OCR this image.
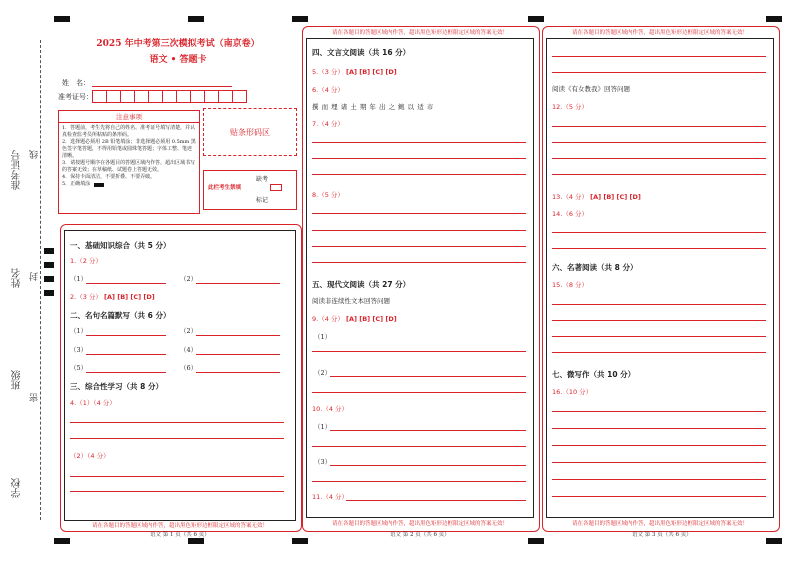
准考证号 线
姓名 封
班级
密
学校
2025 年中考第三次模拟考试（南京卷）
语文 • 答题卡
姓　名：
准考证号：
注意事项

1．答题前，考生先将自己的姓名、准考证号填写清楚，并认真检查监考员所粘贴的条形码。

2．选择题必须用 2B 铅笔填涂；非选择题必须用 0.5mm 黑色签字笔答题，不得用铅笔或圆珠笔答题；字体工整、笔迹清晰。

3．请按题号顺序在各题目的答题区域内作答，超出区域书写的答案无效；在草稿纸、试题卷上答题无效。

4．保持卡面清洁，不要折叠、不要弄破。

5．正确填涂

贴条形码区
此栏考生禁填
缺考
标记
请在各题目的答题区域内作答，超出黑色矩形边框限定区域的答案无效！
一、基础知识综合（共 5 分）
1.（2 分）
（1）	（2）
2.（3 分） [A] [B] [C] [D]
二、名句名篇默写（共 6 分）
（1）	（2）
（3）	（4）
（5）	（6）
三、综合性学习（共 8 分）
4.（1）（4 分）
（2）（4 分）
语文 第 1 页（共 6 页）
请在各题目的答题区域内作答，超出黑色矩形边框限定区域的答案无效！
请在各题目的答题区域内作答，超出黑色矩形边框限定区域的答案无效！
四、文言文阅读（共 16 分）
5.（3 分） [A] [B] [C] [D]
6.（4 分）
撰 而 埋 诸 土 期 年 出 之 鲍 以 适 市
7.（4 分）
8.（5 分）
五、现代文阅读（共 27 分）
阅读非连续性文本回答问题
9.（4 分） [A] [B] [C] [D]
（1）
（2）
10.（4 分）
（1）
（3）
11.（4 分）
语文 第 2 页（共 6 页）
请在各题目的答题区域内作答，超出黑色矩形边框限定区域的答案无效！
请在各题目的答题区域内作答，超出黑色矩形边框限定区域的答案无效！
阅读《有女教我》回答问题
12.（5 分）
13.（4 分） [A] [B] [C] [D]
14.（6 分）
六、名著阅读（共 8 分）
15.（8 分）
七、微写作（共 10 分）
16.（10 分）
语文 第 3 页（共 6 页）
